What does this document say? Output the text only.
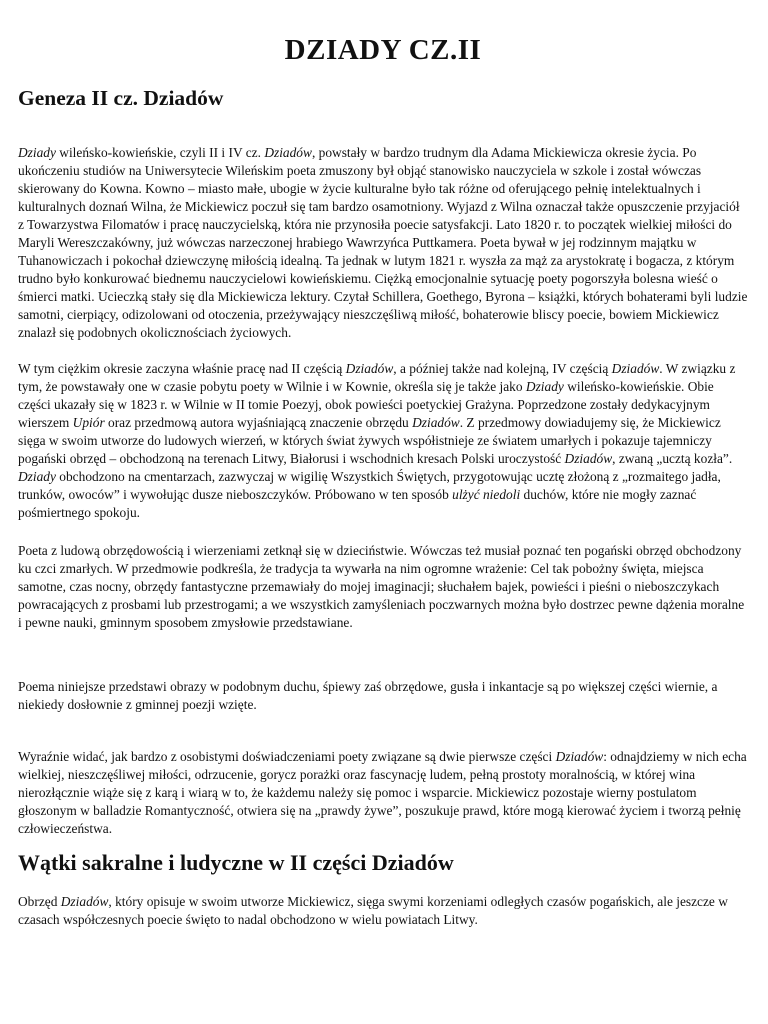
DZIADY CZ.II
Geneza II cz. Dziadów

Dziady wileńsko-kowieńskie, czyli II i IV cz. Dziadów, powstały w bardzo trudnym dla Adama Mickiewicza okresie życia. Po ukończeniu studiów na Uniwersytecie Wileńskim poeta zmuszony był objąć stanowisko nauczyciela w szkole i został wówczas skierowany do Kowna. Kowno – miasto małe, ubogie w życie kulturalne było tak różne od oferującego pełnię intelektualnych i kulturalnych doznań Wilna, że Mickiewicz poczuł się tam bardzo osamotniony. Wyjazd z Wilna oznaczał także opuszczenie przyjaciół z Towarzystwa Filomatów i pracę nauczycielską, która nie przynosiła poecie satysfakcji. Lato 1820 r. to początek wielkiej miłości do Maryli Wereszczakówny, już wówczas narzeczonej hrabiego Wawrzyńca Puttkamera. Poeta bywał w jej rodzinnym majątku w Tuhanowiczach i pokochał dziewczynę miłością idealną. Ta jednak w lutym 1821 r. wyszła za mąż za arystokratę i bogacza, z którym trudno było konkurować biednemu nauczycielowi kowieńskiemu. Ciężką emocjonalnie sytuację poety pogorszyła bolesna wieść o śmierci matki. Ucieczką stały się dla Mickiewicza lektury. Czytał Schillera, Goethego, Byrona – książki, których bohaterami byli ludzie samotni, cierpiący, odizolowani od otoczenia, przeżywający nieszczęśliwą miłość, bohaterowie bliscy poecie, bowiem Mickiewicz znalazł się podobnych okolicznościach życiowych.

W tym ciężkim okresie zaczyna właśnie pracę nad II częścią Dziadów, a później także nad kolejną, IV częścią Dziadów. W związku z tym, że powstawały one w czasie pobytu poety w Wilnie i w Kownie, określa się je także jako Dziady wileńsko-kowieńskie. Obie części ukazały się w 1823 r. w Wilnie w II tomie Poezyj, obok powieści poetyckiej Grażyna. Poprzedzone zostały dedykacyjnym wierszem Upiór oraz przedmową autora wyjaśniającą znaczenie obrzędu Dziadów. Z przedmowy dowiadujemy się, że Mickiewicz sięga w swoim utworze do ludowych wierzeń, w których świat żywych współistnieje ze światem umarłych i pokazuje tajemniczy pogański obrzęd – obchodzoną na terenach Litwy, Białorusi i wschodnich kresach Polski uroczystość Dziadów, zwaną „ucztą kozła”. Dziady obchodzono na cmentarzach, zazwyczaj w wigilię Wszystkich Świętych, przygotowując ucztę złożoną z „rozmaitego jadła, trunków, owoców” i wywołując dusze nieboszczyków. Próbowano w ten sposób ulżyć niedoli duchów, które nie mogły zaznać pośmiertnego spokoju.

Poeta z ludową obrzędowością i wierzeniami zetknął się w dzieciństwie. Wówczas też musiał poznać ten pogański obrzęd obchodzony ku czci zmarłych. W przedmowie podkreśla, że tradycja ta wywarła na nim ogromne wrażenie: Cel tak pobożny święta, miejsca samotne, czas nocny, obrzędy fantastyczne przemawiały do mojej imaginacji; słuchałem bajek, powieści i pieśni o nieboszczykach powracających z prosbami lub przestrogami; a we wszystkich zamyśleniach poczwarnych można było dostrzec pewne dążenia moralne i pewne nauki, gminnym sposobem zmysłowie przedstawiane.

Poema niniejsze przedstawi obrazy w podobnym duchu, śpiewy zaś obrzędowe, gusła i inkantacje są po większej części wiernie, a niekiedy dosłownie z gminnej poezji wzięte.

Wyraźnie widać, jak bardzo z osobistymi doświadczeniami poety związane są dwie pierwsze części Dziadów: odnajdziemy w nich echa wielkiej, nieszczęśliwej miłości, odrzucenie, gorycz porażki oraz fascynację ludem, pełną prostoty moralnością, w której wina nierozłącznie wiąże się z karą i wiarą w to, że każdemu należy się pomoc i wsparcie. Mickiewicz pozostaje wierny postulatom głoszonym w balladzie Romantyczność, otwiera się na „prawdy żywe”, poszukuje prawd, które mogą kierować życiem i tworzą pełnię człowieczeństwa.

Wątki sakralne i ludyczne w II części Dziadów

Obrzęd Dziadów, który opisuje w swoim utworze Mickiewicz, sięga swymi korzeniami odległych czasów pogańskich, ale jeszcze w czasach współczesnych poecie święto to nadal obchodzono w wielu powiatach Litwy.
